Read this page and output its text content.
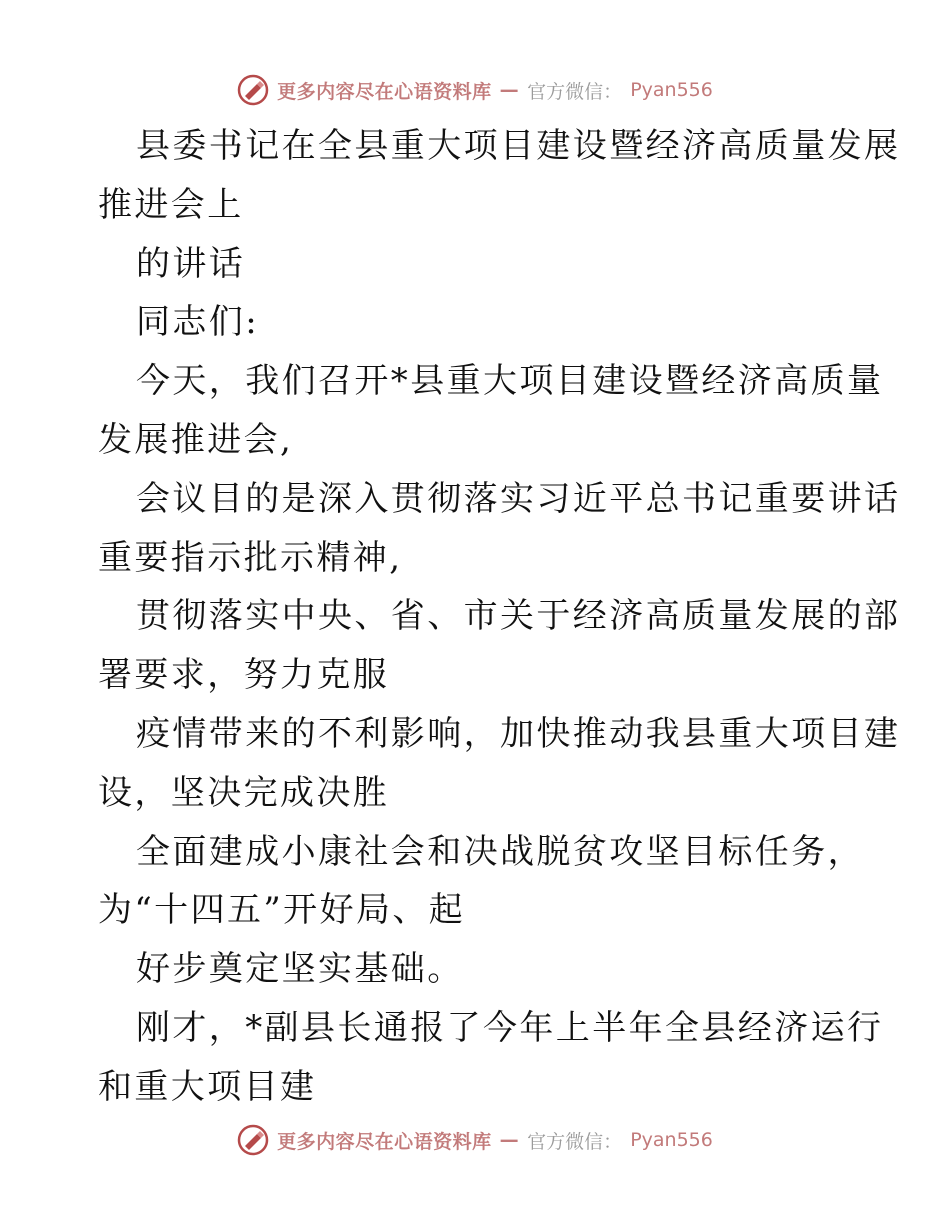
更多内容尽在心语资料库 — 官方微信： Pyan556
县委书记在全县重大项目建设暨经济高质量发展
推进会上
的讲话
同志们:
今天，我们召开*县重大项目建设暨经济高质量
发展推进会,
会议目的是深入贯彻落实习近平总书记重要讲话
重要指示批示精神,
贯彻落实中央、省、市关于经济高质量发展的部
署要求，努力克服
疫情带来的不利影响，加快推动我县重大项目建
设，坚决完成决胜
全面建成小康社会和决战脱贫攻坚目标任务，
为“十四五”开好局、起
好步奠定坚实基础。
刚才，*副县长通报了今年上半年全县经济运行
和重大项目建
更多内容尽在心语资料库 — 官方微信： Pyan556
